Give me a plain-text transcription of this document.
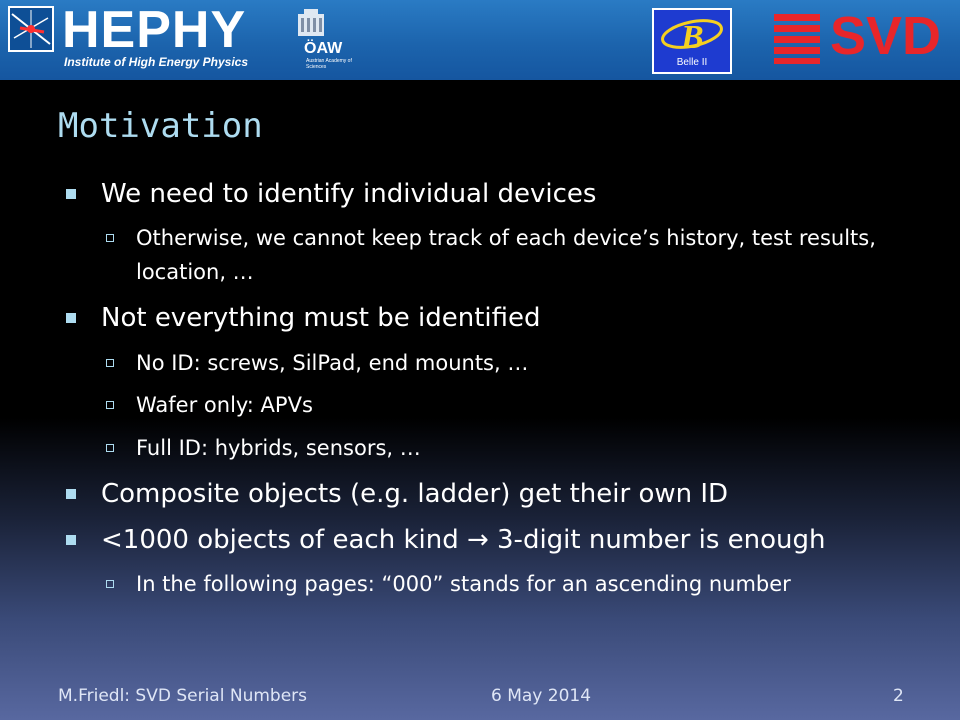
HEPHY
Institute of High Energy Physics
ÖAW
Austrian Academy of Sciences
B
Belle II	SVD
Motivation
We need to identify individual devices
Otherwise, we cannot keep track of each device’s history, test results, location, …
Not everything must be identified
No ID: screws, SilPad, end mounts, …
Wafer only: APVs
Full ID: hybrids, sensors, …
Composite objects (e.g. ladder) get their own ID
<1000 objects of each kind → 3-digit number is enough
In the following pages: “000” stands for an ascending number
M.Friedl: SVD Serial Numbers	6 May 2014	2
